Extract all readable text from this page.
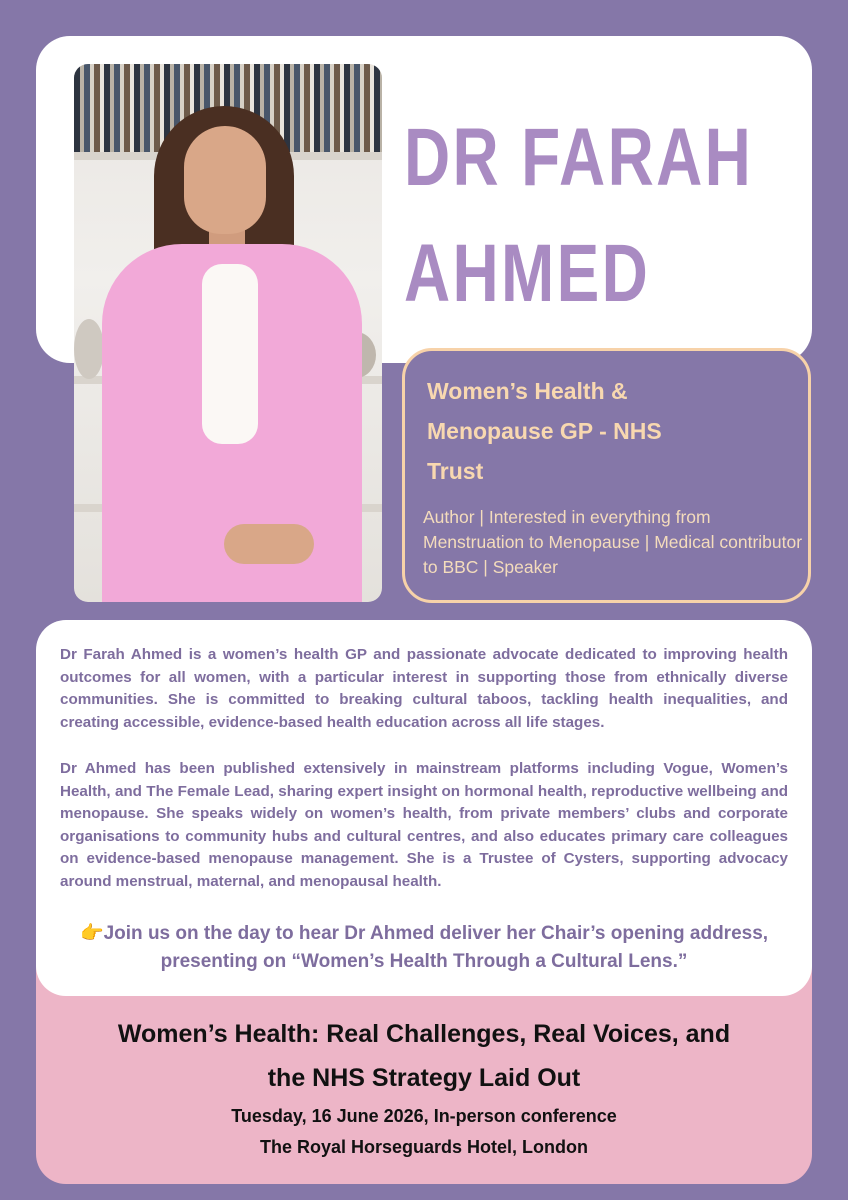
DR FARAH
AHMED
Women’s Health &
Menopause GP - NHS
Trust
Author | Interested in everything from Menstruation to Menopause | Medical contributor to BBC | Speaker

Dr Farah Ahmed is a women’s health GP and passionate advocate dedicated to improving health outcomes for all women, with a particular interest in supporting those from ethnically diverse communities. She is committed to breaking cultural taboos, tackling health inequalities, and creating accessible, evidence-based health education across all life stages.

Dr Ahmed has been published extensively in mainstream platforms including Vogue, Women’s Health, and The Female Lead, sharing expert insight on hormonal health, reproductive wellbeing and menopause. She speaks widely on women’s health, from private members’ clubs and corporate organisations to community hubs and cultural centres, and also educates primary care colleagues on evidence-based menopause management. She is a Trustee of Cysters, supporting advocacy around menstrual, maternal, and menopausal health.

👉Join us on the day to hear Dr Ahmed deliver her Chair’s opening address,
presenting on “Women’s Health Through a Cultural Lens.”
Women’s Health: Real Challenges, Real Voices, and
the NHS Strategy Laid Out
Tuesday, 16 June 2026, In-person conference
The Royal Horseguards Hotel, London
